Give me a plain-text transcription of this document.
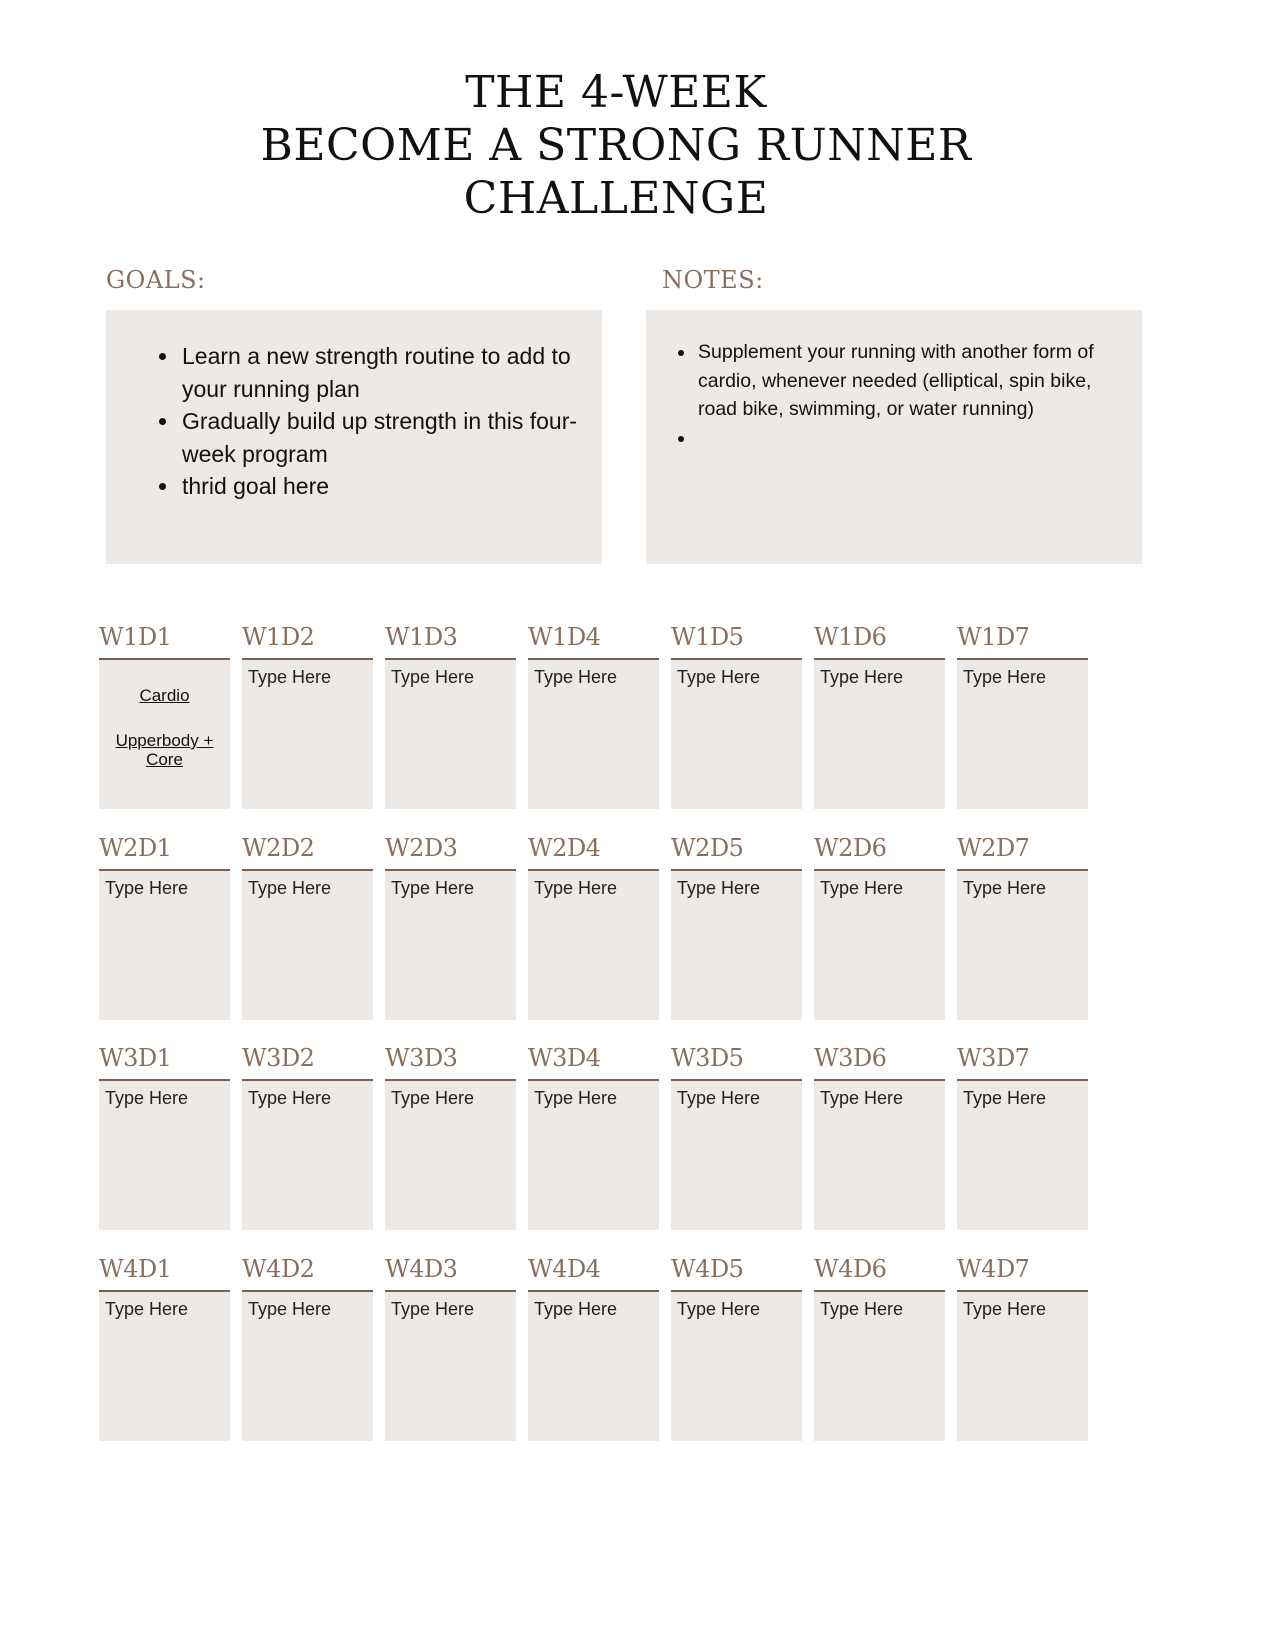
THE 4-WEEK
BECOME A STRONG RUNNER
CHALLENGE
GOALS:	NOTES:
• Learn a new strength routine to add to your running plan
• Gradually build up strength in this four-week program
• thrid goal here
• Supplement your running with another form of cardio, whenever needed (elliptical, spin bike, road bike, swimming, or water running)
•
W1D1
Cardio
Upperbody + Core
W1D2
Type Here
W1D3
Type Here
W1D4
Type Here
W1D5
Type Here
W1D6
Type Here
W1D7
Type Here
W2D1
Type Here
W2D2
Type Here
W2D3
Type Here
W2D4
Type Here
W2D5
Type Here
W2D6
Type Here
W2D7
Type Here
W3D1
Type Here
W3D2
Type Here
W3D3
Type Here
W3D4
Type Here
W3D5
Type Here
W3D6
Type Here
W3D7
Type Here
W4D1
Type Here
W4D2
Type Here
W4D3
Type Here
W4D4
Type Here
W4D5
Type Here
W4D6
Type Here
W4D7
Type Here
